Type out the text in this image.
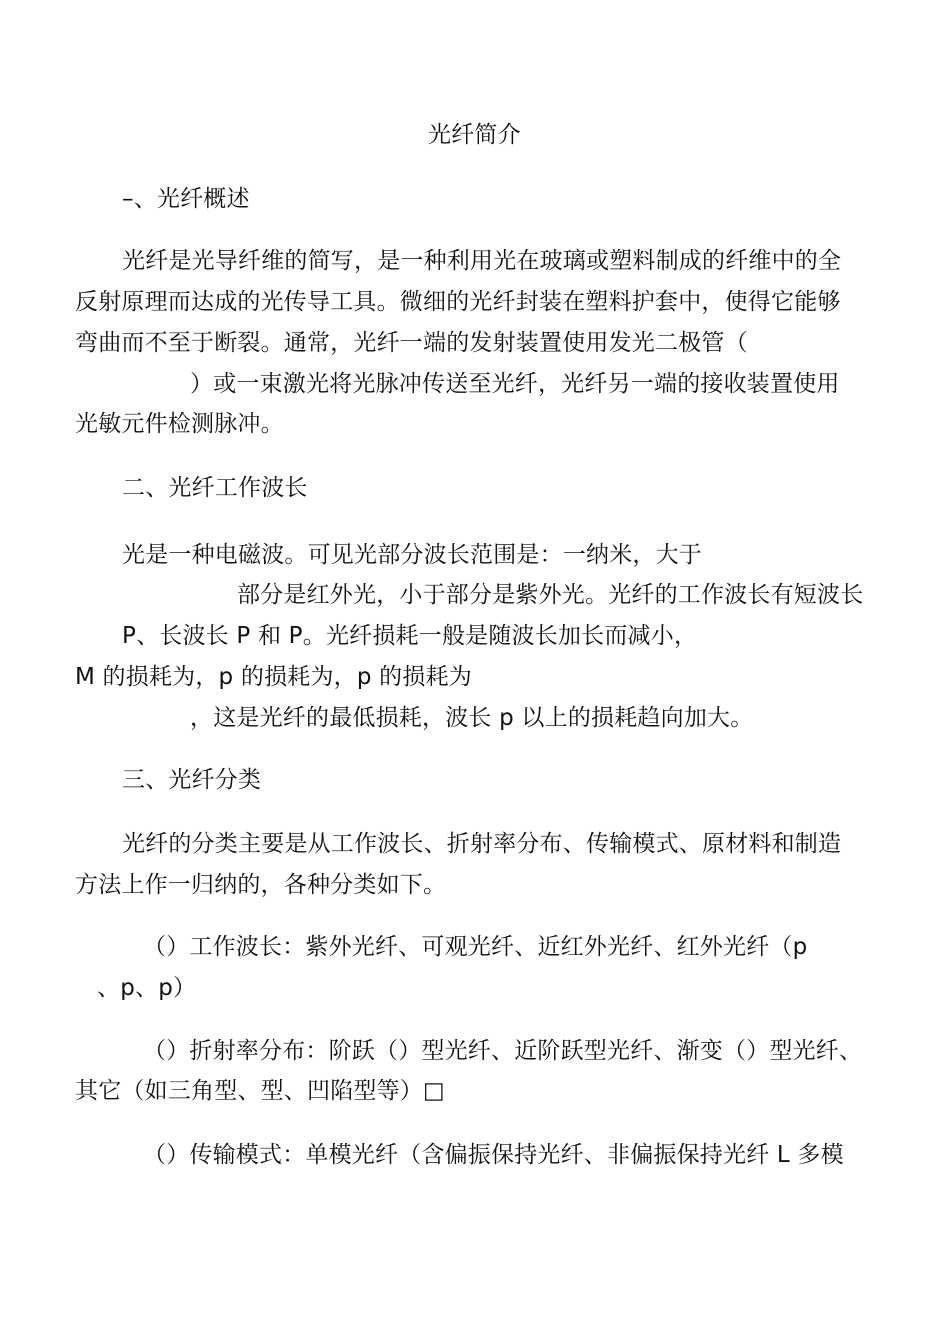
光纤简介
–、光纤概述
光纤是光导纤维的简写，是一种利用光在玻璃或塑料制成的纤维中的全
反射原理而达成的光传导工具。微细的光纤封装在塑料护套中，使得它能够
弯曲而不至于断裂。通常，光纤一端的发射装置使用发光二极管（
）或一束激光将光脉冲传送至光纤，光纤另一端的接收装置使用
光敏元件检测脉冲。
二、光纤工作波长
光是一种电磁波。可见光部分波长范围是：一纳米，大于
部分是红外光，小于部分是紫外光。光纤的工作波长有短波长
P、长波长 P 和 P。光纤损耗一般是随波长加长而减小，
M 的损耗为，p 的损耗为，p 的损耗为
，这是光纤的最低损耗，波长 p 以上的损耗趋向加大。
三、光纤分类
光纤的分类主要是从工作波长、折射率分布、传输模式、原材料和制造
方法上作一归纳的，各种分类如下。
（）工作波长：紫外光纤、可观光纤、近红外光纤、红外光纤（p
、p、p）
（）折射率分布：阶跃（）型光纤、近阶跃型光纤、渐变（）型光纤、
其它（如三角型、型、凹陷型等）□
（）传输模式：单模光纤（含偏振保持光纤、非偏振保持光纤 L 多模
